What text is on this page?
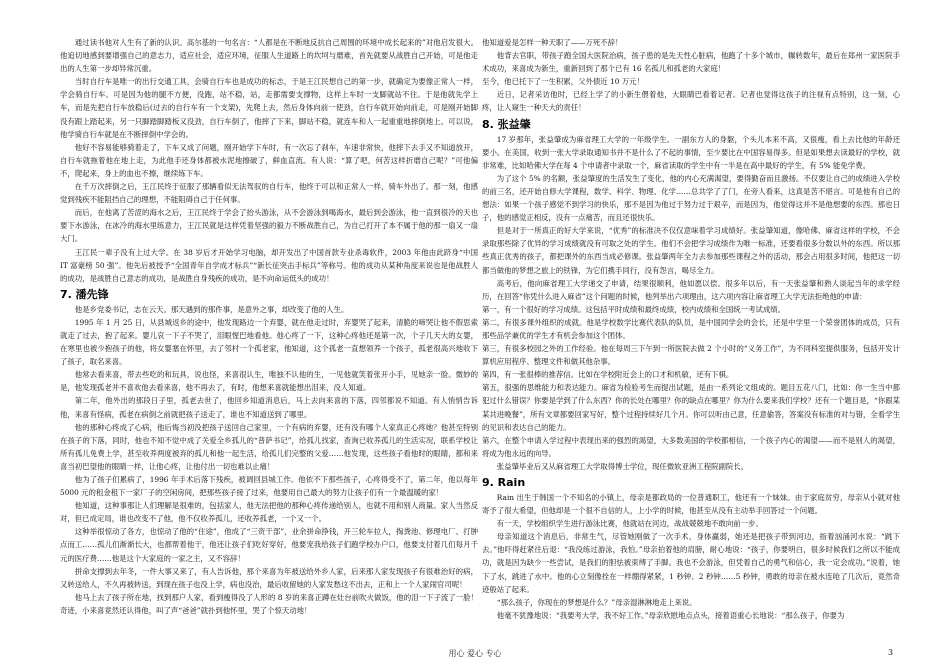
通过读书他对人生有了新的认识。高尔基的一句名言：“人都是在不断地反抗自己周围的环境中成长起来的”对他启发很大。他追切地感到要增强自己的意志力，适应社会，适应环境，征服人生道路上的坎坷与磨难，首先就要从战胜自己开始，可是他走出的人生第一步却异常沉重。

当时自行车是唯一的出行交通工具，会骑自行车也是成功的标志，于是王江民想自己的第一步，就确定为要像正常人一样，学会骑自行车。可是因为他的腿不方便，没跑，站不稳，站，走都需要支撑物，这样上车时一支脚就站不住。于是他就先学上车，而是先把自行车放稳后(过去的自行车有一个支架)，先爬上去，然后身体向前一使劲，自行车就开始向前走，可是刚开始脚没有跟上踏起来，另一只脚踏脚踏板又没劲，自行车倒了，他摔了下来，脚站不稳，就连车和人一起重重地摔倒地上。可以说，他学骑自行车就是在不断摔倒中学会的。

他好不容易能够骑着走了，下车又成了问题，刚开始学下车时，有一次忘了刹车，车速非常快，他摔下去手又不知道放开，自行车就拖着他在地上走，为此他手还身体都被水泥地擦破了，鲜血直流。有人说：“算了吧，何苦这样折磨自己呢？”可他偏不，爬起来，身上的血也不擦，继续练下车。

在千万次摔倒之后，王江民终于征服了那辆看似无法驾驭的自行车，他终于可以和正常人一样，骑车外出了。那一刻，他感觉到残疾不能阻挡自己的理想，不能阻碍自己于任何事。

而后，在他离了苦涩的海水之后，王江民终于学会了抬头游泳，从不会游泳到喝海水，最后到会游泳，他一直到很冷的天也要下水游泳，在冰冷的海水里练意力，王江民就是这样凭着坚强的毅力不断战胜自己，为自己打开了本不属于他的那一扇又一扇大门。

王江民一辈子没有上过大学。在 38 岁后才开始学习电脑，却开发出了中国首款专业杀毒软件，2003 年他由此跻身“中国 IT 富豪榜 50 强”。他先后被授予“全国青年自学成才标兵”“新长征突击手标兵”等称号。他的成功从某种角度来说也是他战胜人的成功，是战胜自己意志的成功，是战胜自身残疾的成功，是不向命运低头的成功！

7. 潘先锋

他是乡党委书记，志在云天。那天遇到的那件事，是意外之事，却改变了他的人生。

1995 年 1 月 25 日，从县城返乡的途中，他发现路边一个弃婴，就在他走过时，弃婴哭了起来，清脆的啼哭让他不假思索就走了过去，抱了起来。婴儿哀一下子不哭了，泪眼惺巴地看他。他心疼了一下，这种心疼他还是第一次，个子几天大的女婴，在寒里也被少抱孩子的他，将女婴塞在怀里，去了邻村一个孤老家，他知道，这个孤老一直想领养一个孩子，孤老很高兴地收下了孩子，取名来喜。

他常去看来喜，带去些吃的和玩具，说也怪，来喜很认生，唯独不认他的生，一见他就笑着张开小手，见她亲一脸。微妙的是，他发现孤老并不喜欢他去看来喜，他不再去了，有时，他想来喜就能想出泪来，没人知道。

第二年，他外出的那段日子里，孤老去世了，他回乡知道消息后，马上去向来喜的下落，四邻都说不知道。有人悄悄告诉他，来喜有怪病，孤老在病倒之前就把孩子送走了，谁也不知道送到了哪里。

他的那种心疼成了心病，他后悔当初没把孩子送回自己家里，一个有病的弃婴，还有没有哪个人家真正心疼她？他甚至特别在孩子的下落，同时，他也不知不觉中成了关爱全乡孤儿的“普萨书记”，给孤儿找家，查询已收养孤儿的生活实况，联系学校让所有孤儿免费上学，甚至收养两度被弃的孤儿和他一起生活，给孤儿们完整的父爱……他发现，这些孩子看他时的眼睛，都和来喜当初巴望他的眼睛一样，让他心疼，让他付出一切也难以止痛！

他为了孩子们累病了，1996 年手术后落下残疾，被调回县城工作。他依不下那些孩子，心疼得受不了，第二年，他以每年 5000 元的租金租下一家厂子的空闲房间，把那些孩子接了过来，他要用自己最大的努力让孩子们有一个最温暖的家！

他知道，这种事那让人们理解是很难的，包括家人，他无法把他的那种心疼传递给别人，也就不用和别人商量。家人当然反对，但已成定局，谁也改变不了他，他不仅收养孤儿，还收养孤老，一个又一个。

这种举很惊动了各方，也惊动了他的“住途”，他成了“三资干部”，业余拼命挣钱，开三轮车拉人，掏粪池、修理电厂、打肿点而工……孤儿们渐渐长大，也都帮着他干，他还让孩子们吃好穿好，他要宠我给孩子们跑学校办户口，他要支付着几们每月千元的医疗费……他是这个大家庭的一家之主，又不容辞！

拼命支撑到去年冬，一件大事又来了，有人告诉他，那个来喜为年被送给外乡人家，后来那人家发现孩子有很难治好的病，又转送给人，不久再被转送，到现在孩子也没上学，病也没治，最后收留她的人家发愁这不出去，正和上一个人家闹官司呢！

他马上去了孩子所在地，找到那户人家，看到瘦得没了人形的 8 岁的来喜正蹲在灶台前吹火做饭，他的泪一下子流了一脸！奇迹，小来喜竟然还认得他，叫了声“爸爸”就扑到他怀里，哭了个惊天动地！

他知道爱是怎样一种天职了——万死不辞！

他背去官职，带孩子跑全国大医院治病，孩子患的是先天性心脏病，他跑了十多个城市，辗转数年，最后在郑州一家医院手术成功，来喜成为新生，重新回到了那个已有 16 名孤儿和孤老的大家庭！

至今，他已托下了一生积累，父外债近 10 万元！

近日，记者采访他时，已经上学了的小新生偎着他，大眼睛巴看着记者。记者也觉得这孩子的注视有点特别，这一刻，心疼，让人窥生一种天大的责任！

8. 张益肇

17 岁那年，张益肇成为麻省理工大学的一年级学生。一副东方人的身躯，个头儿本来不高，又很瘦，看上去比他的年龄还要小。在美国，收到一张大学录取通知书并不是什么了不起的事情，至少要比在中国容易得多。但是如果想去读最好的学校，就非常难，比如哈佛大学在每 4 个申请者中录取一个，麻省读取的学生中有一半是在高中最好的学生，有 5% 能免学费。

为了这个 5% 的名额，张益肇度的生活发生了变化，他的内心充满渴望，要得勤奋而且激扬。不仅要让自己的成绩进入学校的前三名，还开始自修大学课程，数学、科学、物理、化学……总共学了了门，在旁人看来，这真是苦不堪言。可是他有自己的想法：如果一个孩子感觉不到学习的快乐，那不是因为他过于努力过于艰辛，而是因为，他觉得这并不是他想要的东西。那也日子，他的感觉正相反，没有一点痛苦，而且还很快乐。

但是对于一所真正的好大学来说，“优秀”的标准决不仅仅意味着学习成绩好。张益肇知道，像哈佛、麻省这样的学校，不会录取那些除了优异的学习成绩就没有可取之处的学生。他们不会把学习成绩作为唯一标准，还要看很多分数以外的东西。所以那些真正优秀的孩子，都把课外的东西当成必修课。张益肇两年全力去参加那些课程之外的活动，那会占用很多时间，他把这一切都当做他的梦想之旅上的铁锋，为它们携手同行，没有怨言，喝尽全力。

高考后，他向麻省理工大学递交了申请，结果很顺利，他如愿以偿。很多年以后，有一天张益肇和熟人谈起当年的求学经历，在回答“你凭什么进入麻省”这个问题的时候，他列举出六项理由，这六项内容让麻省理工大学无法拒绝他的申请：

第一，有一个很好的学习成绩。这包括平时成绩和最终成绩，校内成绩和全国统一考试成绩。

第二，有很多课外组织的成就。他是学校数学比赛代表队的队员，是中国同学会的会长，还是中学里一个荣誉团体的成员，只有那些品学兼优的学生才有机会参加这个团体。

第三，有很多校园之外的工作经验。他在每周三下午到一所医院去做 2 个小时的“义务工作”，为不同科室提供服务，包括开发计算机应用程序、整理文件和做其他杂事。

第四，有一张很棒的推荐信。比如在学校附近会上的口才和机敏，还有下棋。

第五，很强的思维能力和表达能力。麻省为检验考生而提出试题，是由一系列论文组成的。题目五花八门，比如：你一生当中都犯过什么错误？你要是学到了什么东西？你的长处在哪里？你的缺点在哪里？你为什么要来我们学校？还有一个题目是，“你跟某某共进晚餐”，所有文章都要回家写好，整个过程持续好几个月。你可以听由己意，任意偷答，答案没有标准的对与错，全看学生的见识和表达自己的能力。

第六，在整个申请入学过程中表现出来的强烈的渴望，大多数美国的学校都相信，一个孩子内心的渴望——而不是别人的渴望，将成为他永远的向导。

张益肇毕业后又从麻省理工大学取得博士学位，现任微软亚洲工程院副院长。

9. Rain

Rain 出生于韩国一个不知名的小镇上，母亲是都政局的一位普通职工，他还有一个妹妹。由于家庭贫穷，母亲从小就对他寄予了很大希望，但他却是一个很不自信的人，上小学的时候，他甚至从没有主动举手回答过一个问题。

有一天，学校组织学生进行游泳比赛，他就站在河边，战战兢兢地不敢向前一步。

母亲知道这个消息后，非常生气，尽管她刚做了一次手术，身体赢弱，她还是把孩子带到河边，指着汹涌河水说：“跳下去。”他吓得赶紧往后退：“我没练过游泳，我怕。”母亲拍着他的肩膀，耐心地说：“孩子，你要明白，很多时候我们之所以不能成功，就是因为缺少一些尝试，是我们的胆怯被束缚了手脚。我也不会游泳，但凭着自己的勇气和信心，我一定会成功。”说着，她下了水，跳进了水中。他的心立刻像拴在一样绷得紧紧，1 秒钟、2 秒钟……5 秒钟，勇敢的母亲在被水连呛了几次后，竟然奇迹般站了起来。

“那么孩子，你现在的梦想是什么？”母亲湿淋淋地走上来说。

他毫不犹豫地说：“我要考大学，我不好工作。”母亲欣慰地点点头，接着语重心长地说：“那么孩子，你要为

用心 爱心 专心	3
